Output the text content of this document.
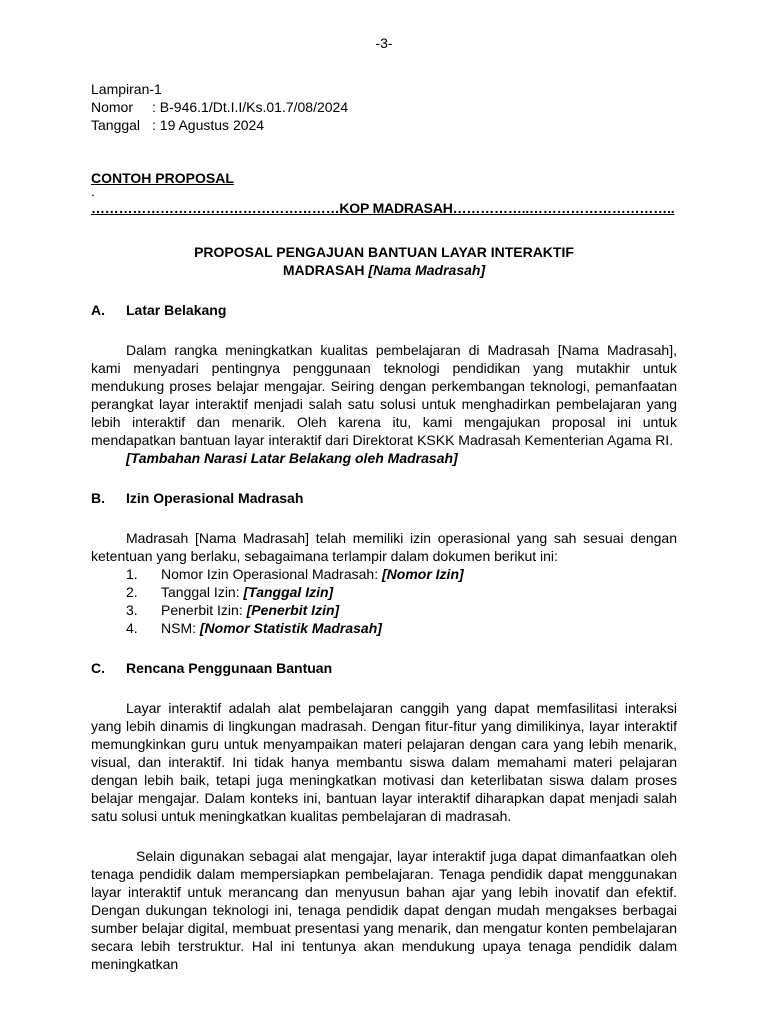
-3-
Lampiran-1
Nomor	: B-946.1/Dt.I.I/Ks.01.7/08/2024
Tanggal : 19 Agustus 2024
CONTOH PROPOSAL
.
………………………………………………KOP MADRASAH……………..…………………………..
PROPOSAL PENGAJUAN BANTUAN LAYAR INTERAKTIF
MADRASAH [Nama Madrasah]
A.	Latar Belakang

Dalam rangka meningkatkan kualitas pembelajaran di Madrasah [Nama Madrasah], kami menyadari pentingnya penggunaan teknologi pendidikan yang mutakhir untuk mendukung proses belajar mengajar. Seiring dengan perkembangan teknologi, pemanfaatan perangkat layar interaktif menjadi salah satu solusi untuk menghadirkan pembelajaran yang lebih interaktif dan menarik. Oleh karena itu, kami mengajukan proposal ini untuk mendapatkan bantuan layar interaktif dari Direktorat KSKK Madrasah Kementerian Agama RI.

[Tambahan Narasi Latar Belakang oleh Madrasah]

B.	Izin Operasional Madrasah

Madrasah [Nama Madrasah] telah memiliki izin operasional yang sah sesuai dengan ketentuan yang berlaku, sebagaimana terlampir dalam dokumen berikut ini:

1.	Nomor Izin Operasional Madrasah: [Nomor Izin]
2.	Tanggal Izin: [Tanggal Izin]
3.	Penerbit Izin: [Penerbit Izin]
4.	NSM: [Nomor Statistik Madrasah]
C.	Rencana Penggunaan Bantuan

Layar interaktif adalah alat pembelajaran canggih yang dapat memfasilitasi interaksi yang lebih dinamis di lingkungan madrasah. Dengan fitur-fitur yang dimilikinya, layar interaktif memungkinkan guru untuk menyampaikan materi pelajaran dengan cara yang lebih menarik, visual, dan interaktif. Ini tidak hanya membantu siswa dalam memahami materi pelajaran dengan lebih baik, tetapi juga meningkatkan motivasi dan keterlibatan siswa dalam proses belajar mengajar. Dalam konteks ini, bantuan layar interaktif diharapkan dapat menjadi salah satu solusi untuk meningkatkan kualitas pembelajaran di madrasah.

Selain digunakan sebagai alat mengajar, layar interaktif juga dapat dimanfaatkan oleh tenaga pendidik dalam mempersiapkan pembelajaran. Tenaga pendidik dapat menggunakan layar interaktif untuk merancang dan menyusun bahan ajar yang lebih inovatif dan efektif. Dengan dukungan teknologi ini, tenaga pendidik dapat dengan mudah mengakses berbagai sumber belajar digital, membuat presentasi yang menarik, dan mengatur konten pembelajaran secara lebih terstruktur. Hal ini tentunya akan mendukung upaya tenaga pendidik dalam meningkatkan
